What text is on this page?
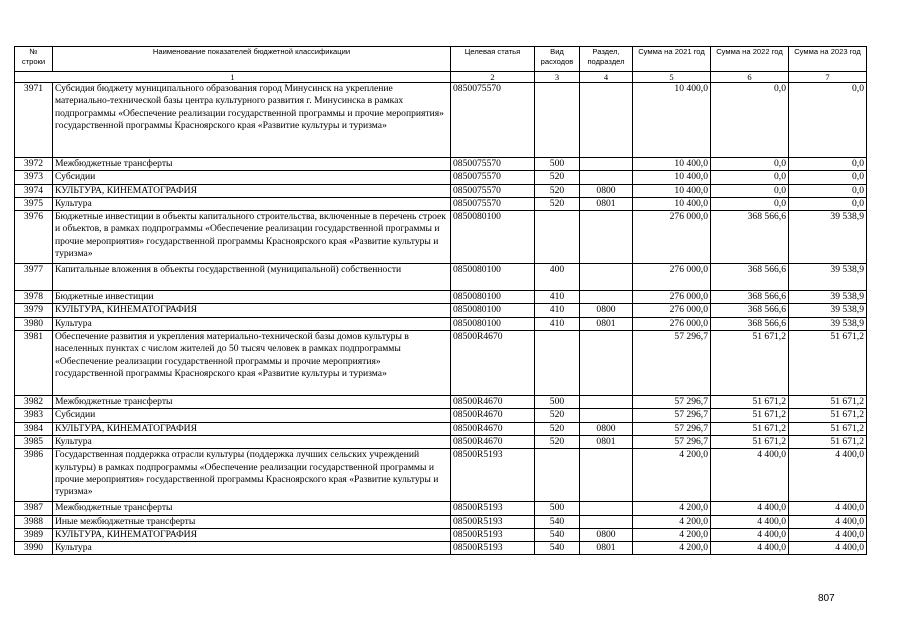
№ строки	Наименование показателей бюджетной классификации	Целевая статья	Вид расходов	Раздел, подраздел	Сумма на 2021 год	Сумма на 2022 год	Сумма на 2023 год
1		2	3	4	5	6	7
3971	Субсидия бюджету муниципального образования город Минусинск на укрепление материально-технической базы центра культурного развития г. Минусинска в рамках подпрограммы «Обеспечение реализации государственной программы и прочие мероприятия» государственной программы Красноярского края «Развитие культуры и туризма»	0850075570			10 400,0	0,0	0,0
3972	Межбюджетные трансферты	0850075570	500		10 400,0	0,0	0,0
3973	Субсидии	0850075570	520		10 400,0	0,0	0,0
3974	КУЛЬТУРА, КИНЕМАТОГРАФИЯ	0850075570	520	0800	10 400,0	0,0	0,0
3975	Культура	0850075570	520	0801	10 400,0	0,0	0,0
3976	Бюджетные инвестиции в объекты капитального строительства, включенные в перечень строек и объектов, в рамках подпрограммы «Обеспечение реализации государственной программы и прочие мероприятия» государственной программы Красноярского края «Развитие культуры и туризма»	0850080100			276 000,0	368 566,6	39 538,9
3977	Капитальные вложения в объекты государственной (муниципальной) собственности	0850080100	400		276 000,0	368 566,6	39 538,9
3978	Бюджетные инвестиции	0850080100	410		276 000,0	368 566,6	39 538,9
3979	КУЛЬТУРА, КИНЕМАТОГРАФИЯ	0850080100	410	0800	276 000,0	368 566,6	39 538,9
3980	Культура	0850080100	410	0801	276 000,0	368 566,6	39 538,9
3981	Обеспечение развития и укрепления материально-технической базы домов культуры в населенных пунктах с числом жителей до 50 тысяч человек в рамках подпрограммы «Обеспечение реализации государственной программы и прочие мероприятия» государственной программы Красноярского края «Развитие культуры и туризма»	08500R4670			57 296,7	51 671,2	51 671,2
3982	Межбюджетные трансферты	08500R4670	500		57 296,7	51 671,2	51 671,2
3983	Субсидии	08500R4670	520		57 296,7	51 671,2	51 671,2
3984	КУЛЬТУРА, КИНЕМАТОГРАФИЯ	08500R4670	520	0800	57 296,7	51 671,2	51 671,2
3985	Культура	08500R4670	520	0801	57 296,7	51 671,2	51 671,2
3986	Государственная поддержка отрасли культуры (поддержка лучших сельских учреждений культуры) в рамках подпрограммы «Обеспечение реализации государственной программы и прочие мероприятия» государственной программы Красноярского края «Развитие культуры и туризма»	08500R5193			4 200,0	4 400,0	4 400,0
3987	Межбюджетные трансферты	08500R5193	500		4 200,0	4 400,0	4 400,0
3988	Иные межбюджетные трансферты	08500R5193	540		4 200,0	4 400,0	4 400,0
3989	КУЛЬТУРА, КИНЕМАТОГРАФИЯ	08500R5193	540	0800	4 200,0	4 400,0	4 400,0
3990	Культура	08500R5193	540	0801	4 200,0	4 400,0	4 400,0
807
